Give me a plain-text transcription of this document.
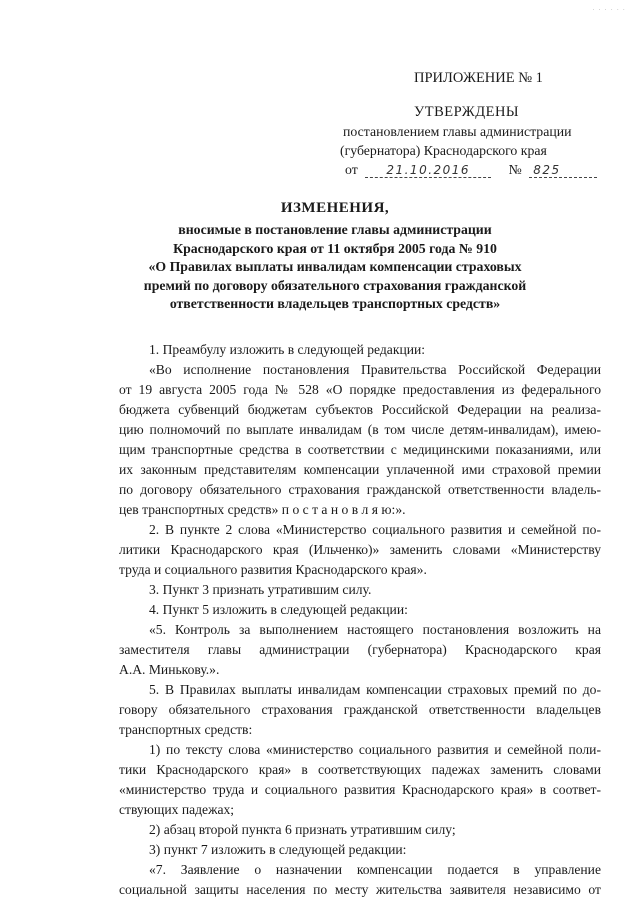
· · · · · ·
ПРИЛОЖЕНИЕ № 1
УТВЕРЖДЕНЫ
постановлением главы администрации
(губернатора) Краснодарского края
от 21.10.2016	№ 825
ИЗМЕНЕНИЯ,
вносимые в постановление главы администрации
Краснодарского края от 11 октября 2005 года № 910
«О Правилах выплаты инвалидам компенсации страховых
премий по договору обязательного страхования гражданской
ответственности владельцев транспортных средств»

1. Преамбулу изложить в следующей редакции:

«Во исполнение постановления Правительства Российской Федерации

от 19 августа 2005 года № 528 «О порядке предоставления из федерального

бюджета субвенций бюджетам субъектов Российской Федерации на реализа-

цию полномочий по выплате инвалидам (в том числе детям-инвалидам), имею-

щим транспортные средства в соответствии с медицинскими показаниями, или

их законным представителям компенсации уплаченной ими страховой премии

по договору обязательного страхования гражданской ответственности владель-

цев транспортных средств» п о с т а н о в л я ю:».

2. В пункте 2 слова «Министерство социального развития и семейной по-

литики Краснодарского края (Ильченко)» заменить словами «Министерству

труда и социального развития Краснодарского края».

3. Пункт 3 признать утратившим силу.

4. Пункт 5 изложить в следующей редакции:

«5. Контроль за выполнением настоящего постановления возложить на

заместителя главы администрации (губернатора) Краснодарского края

А.А. Минькову.».

5. В Правилах выплаты инвалидам компенсации страховых премий по до-

говору обязательного страхования гражданской ответственности владельцев

транспортных средств:

1) по тексту слова «министерство социального развития и семейной поли-

тики Краснодарского края» в соответствующих падежах заменить словами

«министерство труда и социального развития Краснодарского края» в соответ-

ствующих падежах;

2) абзац второй пункта 6 признать утратившим силу;

3) пункт 7 изложить в следующей редакции:

«7. Заявление о назначении компенсации подается в управление

социальной защиты населения по месту жительства заявителя независимо от
